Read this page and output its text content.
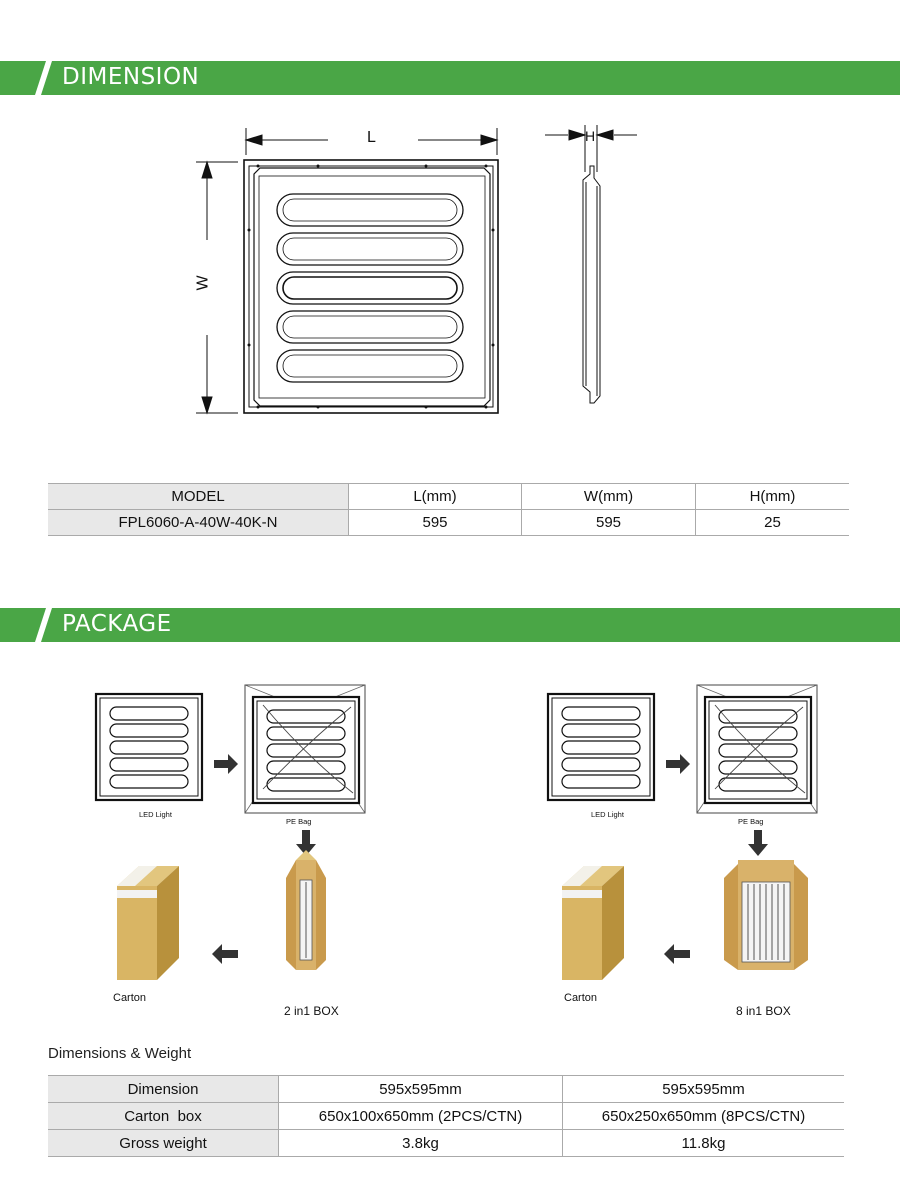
DIMENSION
L
W
H
MODEL	L(mm)	W(mm)	H(mm)
FPL6060-A-40W-40K-N	595	595	25
PACKAGE
LED Light
PE Bag
2 in1 BOX
Carton
LED Light
PE Bag
8 in1 BOX
Carton
Dimensions & Weight
Dimension	595x595mm	595x595mm
Carton  box	650x100x650mm (2PCS/CTN)	650x250x650mm (8PCS/CTN)
Gross weight	3.8kg	11.8kg
